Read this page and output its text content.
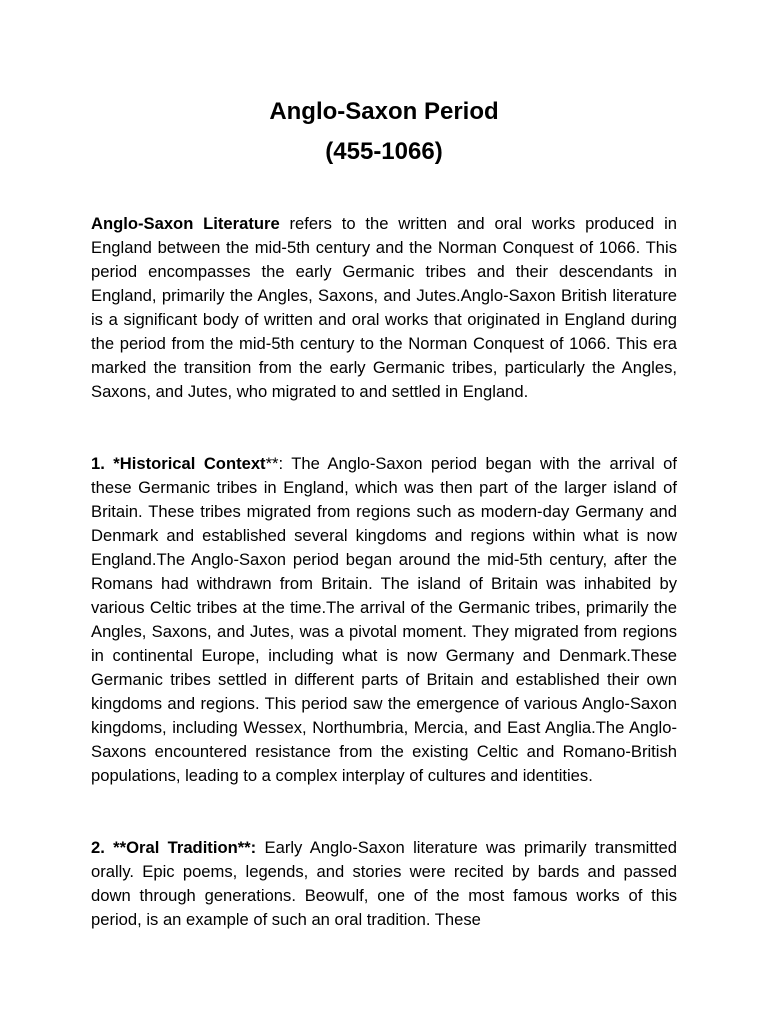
Anglo-Saxon Period

(455-1066)

Anglo-Saxon Literature refers to the written and oral works produced in England between the mid-5th century and the Norman Conquest of 1066. This period encompasses the early Germanic tribes and their descendants in England, primarily the Angles, Saxons, and Jutes.Anglo-Saxon British literature is a significant body of written and oral works that originated in England during the period from the mid-5th century to the Norman Conquest of 1066. This era marked the transition from the early Germanic tribes, particularly the Angles, Saxons, and Jutes, who migrated to and settled in England.

1. *Historical Context**: The Anglo-Saxon period began with the arrival of these Germanic tribes in England, which was then part of the larger island of Britain. These tribes migrated from regions such as modern-day Germany and Denmark and established several kingdoms and regions within what is now England.The Anglo-Saxon period began around the mid-5th century, after the Romans had withdrawn from Britain. The island of Britain was inhabited by various Celtic tribes at the time.The arrival of the Germanic tribes, primarily the Angles, Saxons, and Jutes, was a pivotal moment. They migrated from regions in continental Europe, including what is now Germany and Denmark.These Germanic tribes settled in different parts of Britain and established their own kingdoms and regions. This period saw the emergence of various Anglo-Saxon kingdoms, including Wessex, Northumbria, Mercia, and East Anglia.The Anglo-Saxons encountered resistance from the existing Celtic and Romano-British populations, leading to a complex interplay of cultures and identities.

2. **Oral Tradition**: Early Anglo-Saxon literature was primarily transmitted orally. Epic poems, legends, and stories were recited by bards and passed down through generations. Beowulf, one of the most famous works of this period, is an example of such an oral tradition. These
